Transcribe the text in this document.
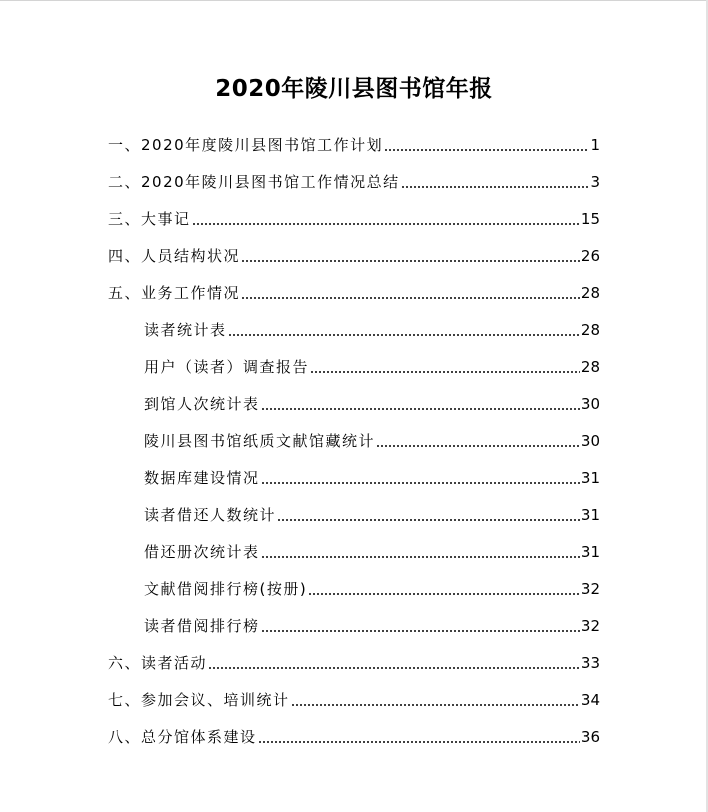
2020年陵川县图书馆年报
一、2020年度陵川县图书馆工作计划	1
二、2020年陵川县图书馆工作情况总结	3
三、大事记	15
四、人员结构状况	26
五、业务工作情况	28
读者统计表	28
用户（读者）调查报告	28
到馆人次统计表	30
陵川县图书馆纸质文献馆藏统计	30
数据库建设情况	31
读者借还人数统计	31
借还册次统计表	31
文献借阅排行榜(按册)	32
读者借阅排行榜	32
六、读者活动	33
七、参加会议、培训统计	34
八、总分馆体系建设	36
